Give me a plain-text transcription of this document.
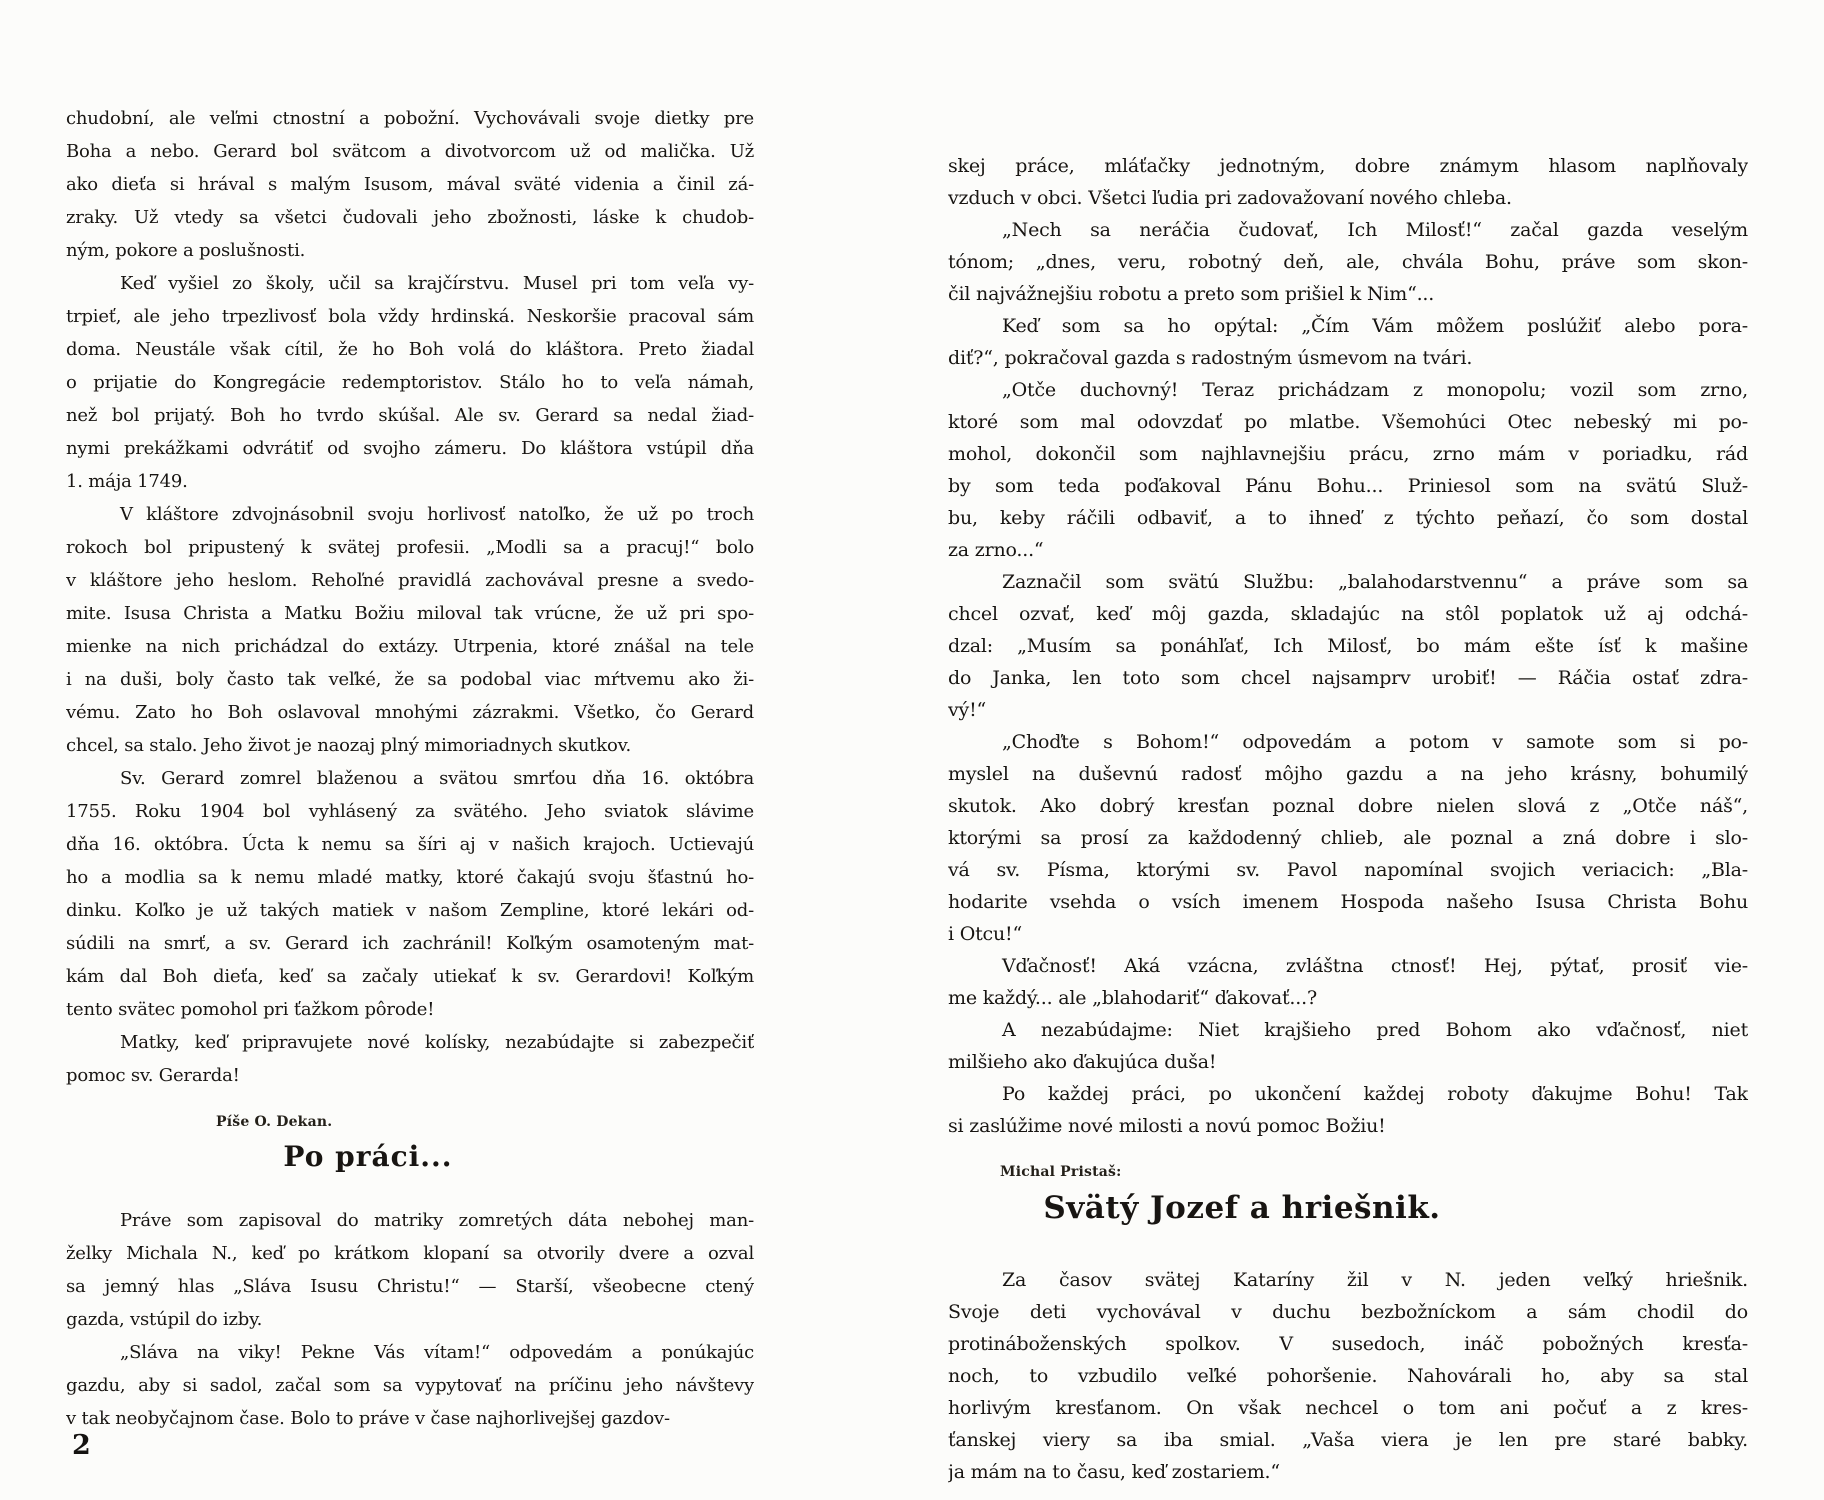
chudobní, ale veľmi ctnostní a pobožní. Vychovávali svoje dietky pre
Boha a nebo. Gerard bol svätcom a divotvorcom už od malička. Už
ako dieťa si hrával s malým Isusom, mával sväté videnia a činil zá-
zraky. Už vtedy sa všetci čudovali jeho zbožnosti, láske k chudob-
ným, pokore a poslušnosti.
Keď vyšiel zo školy, učil sa krajčírstvu. Musel pri tom veľa vy-
trpieť, ale jeho trpezlivosť bola vždy hrdinská. Neskoršie pracoval sám
doma. Neustále však cítil, že ho Boh volá do kláštora. Preto žiadal
o prijatie do Kongregácie redemptoristov. Stálo ho to veľa námah,
než bol prijatý. Boh ho tvrdo skúšal. Ale sv. Gerard sa nedal žiad-
nymi prekážkami odvrátiť od svojho zámeru. Do kláštora vstúpil dňa
1. mája 1749.
V kláštore zdvojnásobnil svoju horlivosť natoľko, že už po troch
rokoch bol pripustený k svätej profesii. „Modli sa a pracuj!“ bolo
v kláštore jeho heslom. Rehoľné pravidlá zachovával presne a svedo-
mite. Isusa Christa a Matku Božiu miloval tak vrúcne, že už pri spo-
mienke na nich prichádzal do extázy. Utrpenia, ktoré znášal na tele
i na duši, boly často tak veľké, že sa podobal viac mŕtvemu ako ži-
vému. Zato ho Boh oslavoval mnohými zázrakmi. Všetko, čo Gerard
chcel, sa stalo. Jeho život je naozaj plný mimoriadnych skutkov.
Sv. Gerard zomrel blaženou a svätou smrťou dňa 16. októbra
1755. Roku 1904 bol vyhlásený za svätého. Jeho sviatok slávime
dňa 16. októbra. Úcta k nemu sa šíri aj v našich krajoch. Uctievajú
ho a modlia sa k nemu mladé matky, ktoré čakajú svoju šťastnú ho-
dinku. Koľko je už takých matiek v našom Zempline, ktoré lekári od-
súdili na smrť, a sv. Gerard ich zachránil! Koľkým osamoteným mat-
kám dal Boh dieťa, keď sa začaly utiekať k sv. Gerardovi! Koľkým
tento svätec pomohol pri ťažkom pôrode!
Matky, keď pripravujete nové kolísky, nezabúdajte si zabezpečiť
pomoc sv. Gerarda!
Píše O. Dekan.
Po práci...
Práve som zapisoval do matriky zomretých dáta nebohej man-
želky Michala N., keď po krátkom klopaní sa otvorily dvere a ozval
sa jemný hlas „Sláva Isusu Christu!“ — Starší, všeobecne ctený
gazda, vstúpil do izby.
„Sláva na viky! Pekne Vás vítam!“ odpovedám a ponúkajúc
gazdu, aby si sadol, začal som sa vypytovať na príčinu jeho návštevy
v tak neobyčajnom čase. Bolo to práve v čase najhorlivejšej gazdov-
skej práce, mláťačky jednotným, dobre známym hlasom naplňovaly
vzduch v obci. Všetci ľudia pri zadovažovaní nového chleba.
„Nech sa neráčia čudovať, Ich Milosť!“ začal gazda veselým
tónom; „dnes, veru, robotný deň, ale, chvála Bohu, práve som skon-
čil najvážnejšiu robotu a preto som prišiel k Nim“...
Keď som sa ho opýtal: „Čím Vám môžem poslúžiť alebo pora-
diť?“, pokračoval gazda s radostným úsmevom na tvári.
„Otče duchovný! Teraz prichádzam z monopolu; vozil som zrno,
ktoré som mal odovzdať po mlatbe. Všemohúci Otec nebeský mi po-
mohol, dokončil som najhlavnejšiu prácu, zrno mám v poriadku, rád
by som teda poďakoval Pánu Bohu... Priniesol som na svätú Služ-
bu, keby ráčili odbaviť, a to ihneď z týchto peňazí, čo som dostal
za zrno...“
Zaznačil som svätú Službu: „balahodarstvennu“ a práve som sa
chcel ozvať, keď môj gazda, skladajúc na stôl poplatok už aj odchá-
dzal: „Musím sa ponáhľať, Ich Milosť, bo mám ešte ísť k mašine
do Janka, len toto som chcel najsamprv urobiť! — Ráčia ostať zdra-
vý!“
„Choďte s Bohom!“ odpovedám a potom v samote som si po-
myslel na duševnú radosť môjho gazdu a na jeho krásny, bohumilý
skutok. Ako dobrý kresťan poznal dobre nielen slová z „Otče náš“,
ktorými sa prosí za každodenný chlieb, ale poznal a zná dobre i slo-
vá sv. Písma, ktorými sv. Pavol napomínal svojich veriacich: „Bla-
hodarite vsehda o vsích imenem Hospoda našeho Isusa Christa Bohu
i Otcu!“
Vďačnosť! Aká vzácna, zvláštna ctnosť! Hej, pýtať, prosiť vie-
me každý... ale „blahodariť“ ďakovať...?
A nezabúdajme: Niet krajšieho pred Bohom ako vďačnosť, niet
milšieho ako ďakujúca duša!
Po každej práci, po ukončení každej roboty ďakujme Bohu! Tak
si zaslúžime nové milosti a novú pomoc Božiu!
Michal Pristaš:
Svätý Jozef a hriešnik.
Za časov svätej Kataríny žil v N. jeden veľký hriešnik.
Svoje deti vychovával v duchu bezbožníckom a sám chodil do
protináboženských spolkov. V susedoch, ináč pobožných kresťa-
noch, to vzbudilo veľké pohoršenie. Nahovárali ho, aby sa stal
horlivým kresťanom. On však nechcel o tom ani počuť a z kres-
ťanskej viery sa iba smial. „Vaša viera je len pre staré babky.
ja mám na to času, keď zostariem.“
2
